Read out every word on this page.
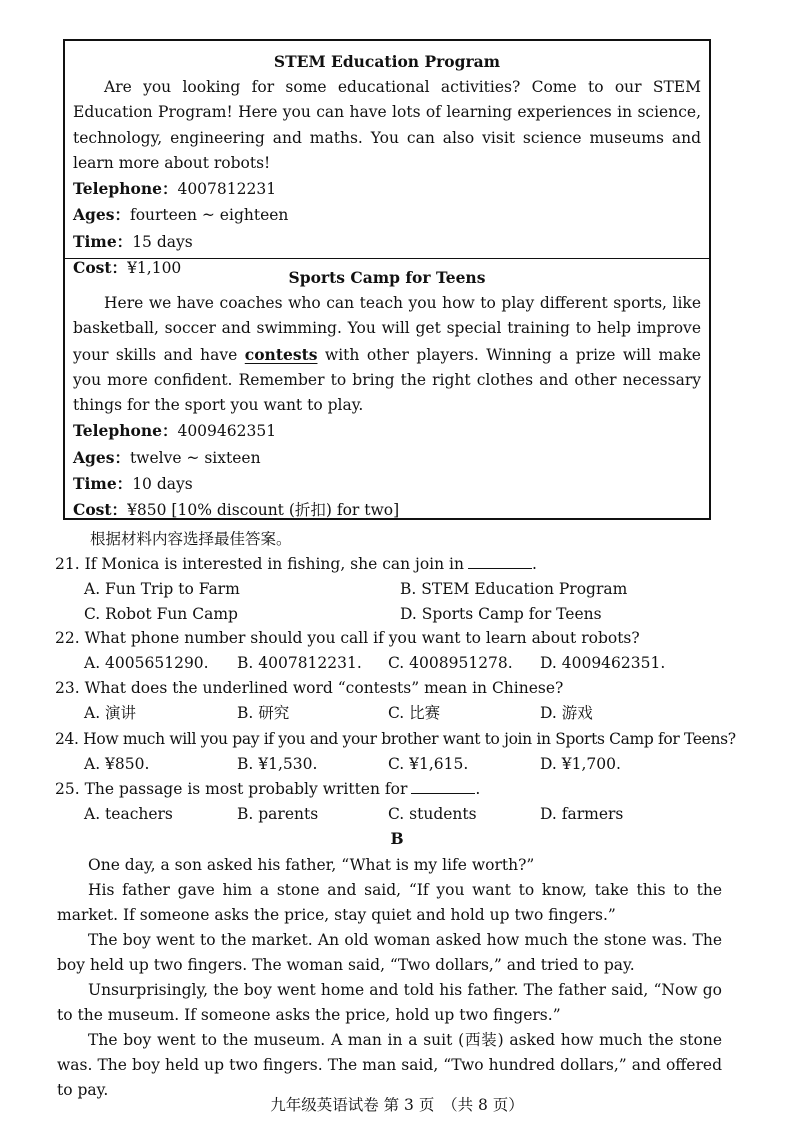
STEM Education Program
Are you looking for some educational activities? Come to our STEM Education Program! Here you can have lots of learning experiences in science, technology, engineering and maths. You can also visit science museums and learn more about robots!
Telephone：4007812231
Ages：fourteen ~ eighteen
Time：15 days
Cost：¥1,100	Sports Camp for Teens
Here we have coaches who can teach you how to play different sports, like basketball, soccer and swimming. You will get special training to help improve your skills and have contests with other players. Winning a prize will make you more confident. Remember to bring the right clothes and other necessary things for the sport you want to play.
Telephone：4009462351
Ages：twelve ~ sixteen
Time：10 days
Cost：¥850 [10% discount (折扣) for two]
根据材料内容选择最佳答案。
21. If Monica is interested in fishing, she can join in	.
A. Fun Trip to Farm	B. STEM Education Program
C. Robot Fun Camp	D. Sports Camp for Teens
22. What phone number should you call if you want to learn about robots?
A. 4005651290. B. 4007812231. C. 4008951278. D. 4009462351.
23. What does the underlined word “contests” mean in Chinese?
A. 演讲	B. 研究	C. 比赛	D. 游戏
24. How much will you pay if you and your brother want to join in Sports Camp for Teens?
A. ¥850.	B. ¥1,530.	C. ¥1,615.	D. ¥1,700.
25. The passage is most probably written for	.
A. teachers	B. parents	C. students	D. farmers
B

One day, a son asked his father, “What is my life worth?”

His father gave him a stone and said, “If you want to know, take this to the market. If someone asks the price, stay quiet and hold up two fingers.”

The boy went to the market. An old woman asked how much the stone was. The boy held up two fingers. The woman said, “Two dollars,” and tried to pay.

Unsurprisingly, the boy went home and told his father. The father said, “Now go to the museum. If someone asks the price, hold up two fingers.”

The boy went to the museum. A man in a suit (西装) asked how much the stone was. The boy held up two fingers. The man said, “Two hundred dollars,” and offered to pay.

九年级英语试卷 第 3 页　（共 8 页）
